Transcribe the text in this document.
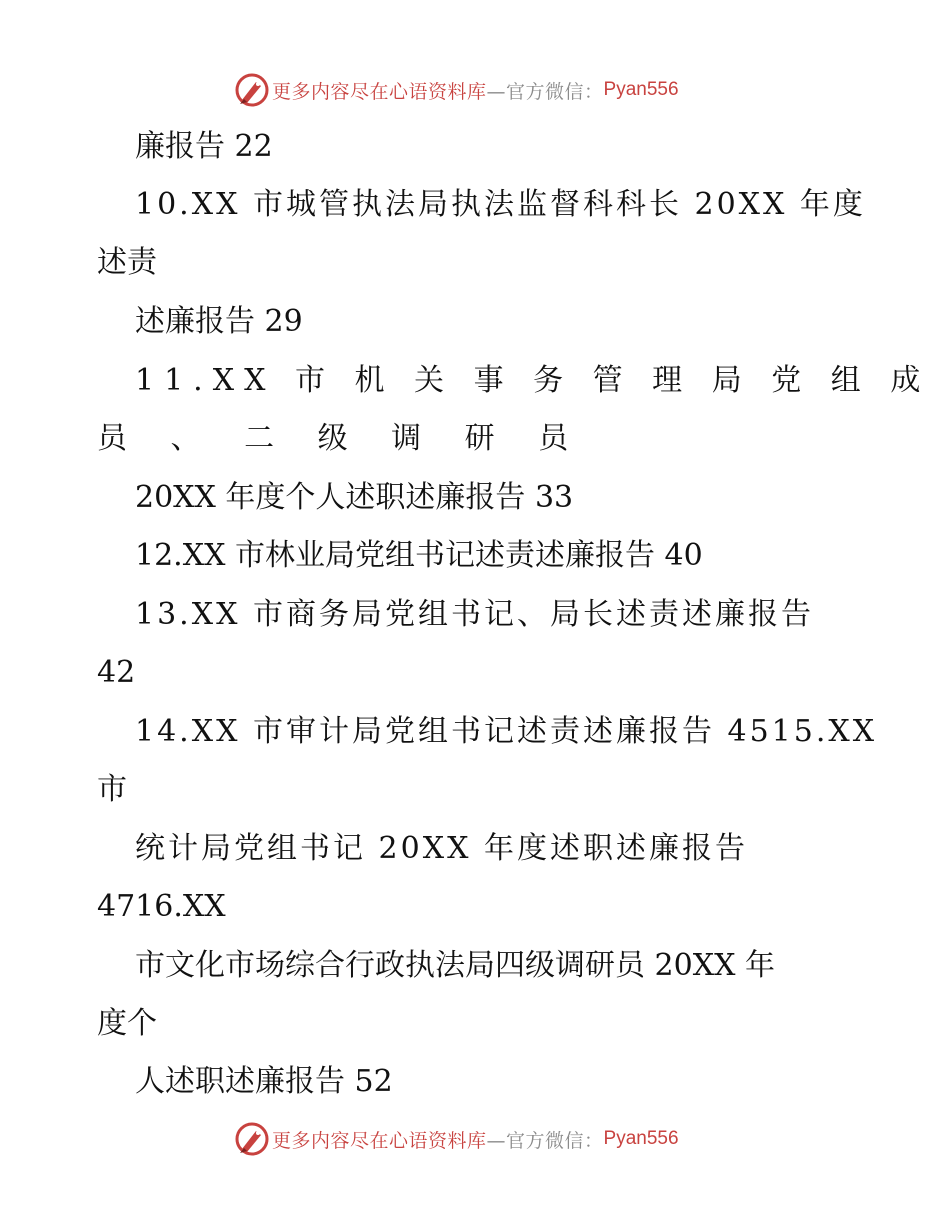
更多内容尽在心语资料库 —官方微信： Pyan556
廉报告 22
10.XX 市城管执法局执法监督科科长 20XX 年度
述责
述廉报告 29
11.XX 市 机 关 事 务 管 理 局 党 组 成
员 、 二 级 调 研 员
20XX 年度个人述职述廉报告 33
12.XX 市林业局党组书记述责述廉报告 40
13.XX 市商务局党组书记、局长述责述廉报告
42
14.XX 市审计局党组书记述责述廉报告 4515.XX
市
统计局党组书记 20XX 年度述职述廉报告
4716.XX
市文化市场综合行政执法局四级调研员 20XX 年
度个
人述职述廉报告 52
更多内容尽在心语资料库 —官方微信： Pyan556
